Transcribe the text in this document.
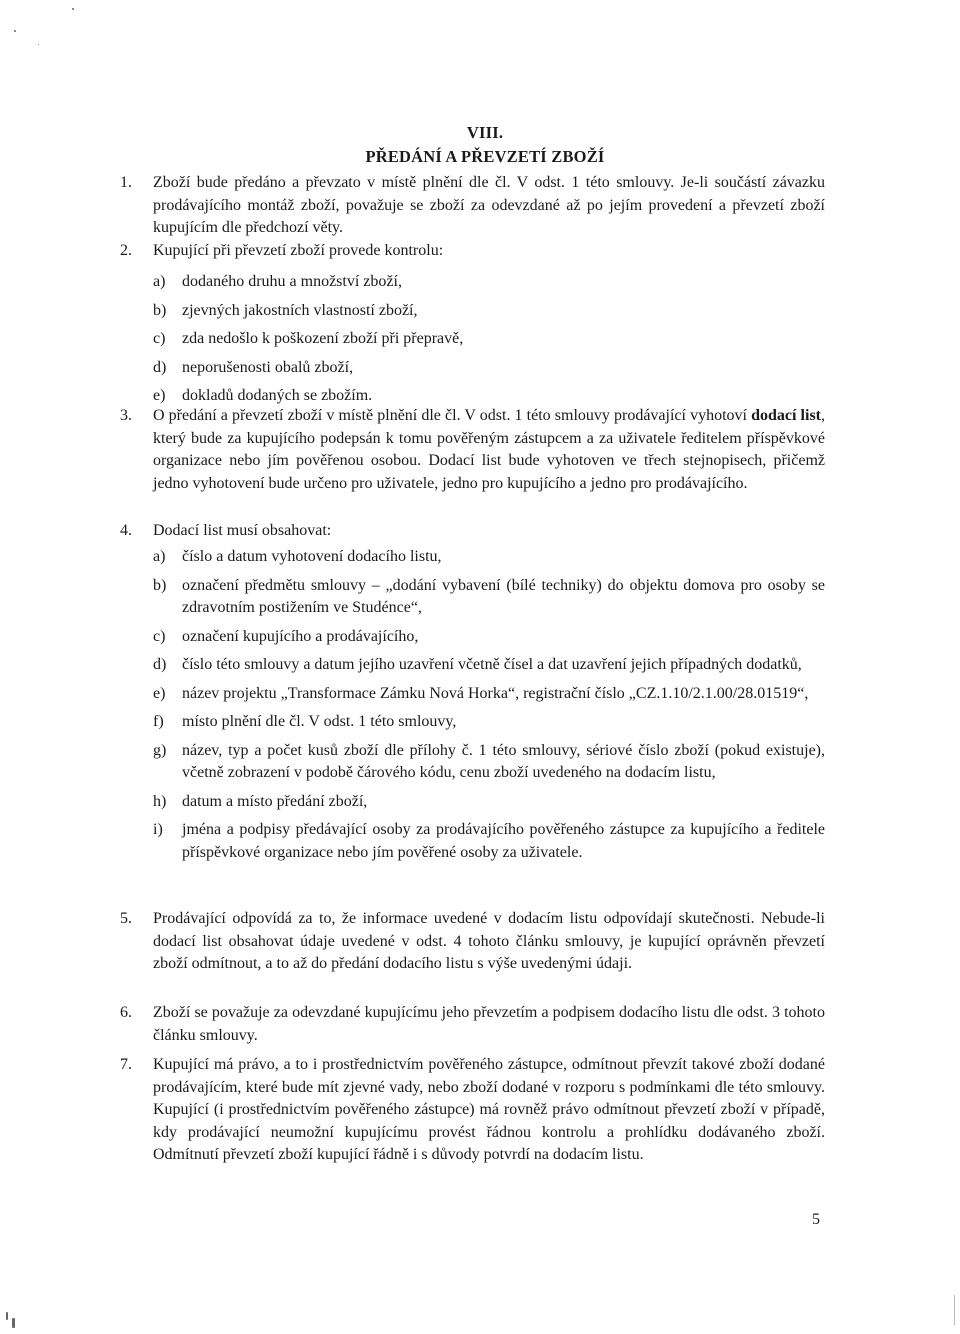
VIII.
PŘEDÁNÍ A PŘEVZETÍ ZBOŽÍ
1.	Zboží bude předáno a převzato v místě plnění dle čl. V odst. 1 této smlouvy. Je-li součástí závazku prodávajícího montáž zboží, považuje se zboží za odevzdané až po jejím provedení a převzetí zboží kupujícím dle předchozí věty.
2.	Kupující při převzetí zboží provede kontrolu:
a)	dodaného druhu a množství zboží,
b) zjevných jakostních vlastností zboží,
c)	zda nedošlo k poškození zboží při přepravě,
d) neporušenosti obalů zboží,
e)	dokladů dodaných se zbožím.
3.	O předání a převzetí zboží v místě plnění dle čl. V odst. 1 této smlouvy prodávající vyhotoví dodací list, který bude za kupujícího podepsán k tomu pověřeným zástupcem a za uživatele ředitelem příspěvkové organizace nebo jím pověřenou osobou. Dodací list bude vyhotoven ve třech stejnopisech, přičemž jedno vyhotovení bude určeno pro uživatele, jedno pro kupujícího a jedno pro prodávajícího.
4.	Dodací list musí obsahovat:
a)	číslo a datum vyhotovení dodacího listu,
b) označení předmětu smlouvy – „dodání vybavení (bílé techniky) do objektu domova pro osoby se zdravotním postižením ve Studénce“,
c)	označení kupujícího a prodávajícího,
d) číslo této smlouvy a datum jejího uzavření včetně čísel a dat uzavření jejich případných dodatků,
e)	název projektu „Transformace Zámku Nová Horka“, registrační číslo „CZ.1.10/2.1.00/28.01519“,
f)	místo plnění dle čl. V odst. 1 této smlouvy,
g) název, typ a počet kusů zboží dle přílohy č. 1 této smlouvy, sériové číslo zboží (pokud existuje), včetně zobrazení v podobě čárového kódu, cenu zboží uvedeného na dodacím listu,
h) datum a místo předání zboží,
i)	jména a podpisy předávající osoby za prodávajícího pověřeného zástupce za kupujícího a ředitele příspěvkové organizace nebo jím pověřené osoby za uživatele.
5.	Prodávající odpovídá za to, že informace uvedené v dodacím listu odpovídají skutečnosti. Nebude-li dodací list obsahovat údaje uvedené v odst. 4 tohoto článku smlouvy, je kupující oprávněn převzetí zboží odmítnout, a to až do předání dodacího listu s výše uvedenými údaji.
6.	Zboží se považuje za odevzdané kupujícímu jeho převzetím a podpisem dodacího listu dle odst. 3 tohoto článku smlouvy.
7.	Kupující má právo, a to i prostřednictvím pověřeného zástupce, odmítnout převzít takové zboží dodané prodávajícím, které bude mít zjevné vady, nebo zboží dodané v rozporu s podmínkami dle této smlouvy. Kupující (i prostřednictvím pověřeného zástupce) má rovněž právo odmítnout převzetí zboží v případě, kdy prodávající neumožní kupujícímu provést řádnou kontrolu a prohlídku dodávaného zboží. Odmítnutí převzetí zboží kupující řádně i s důvody potvrdí na dodacím listu.
5
